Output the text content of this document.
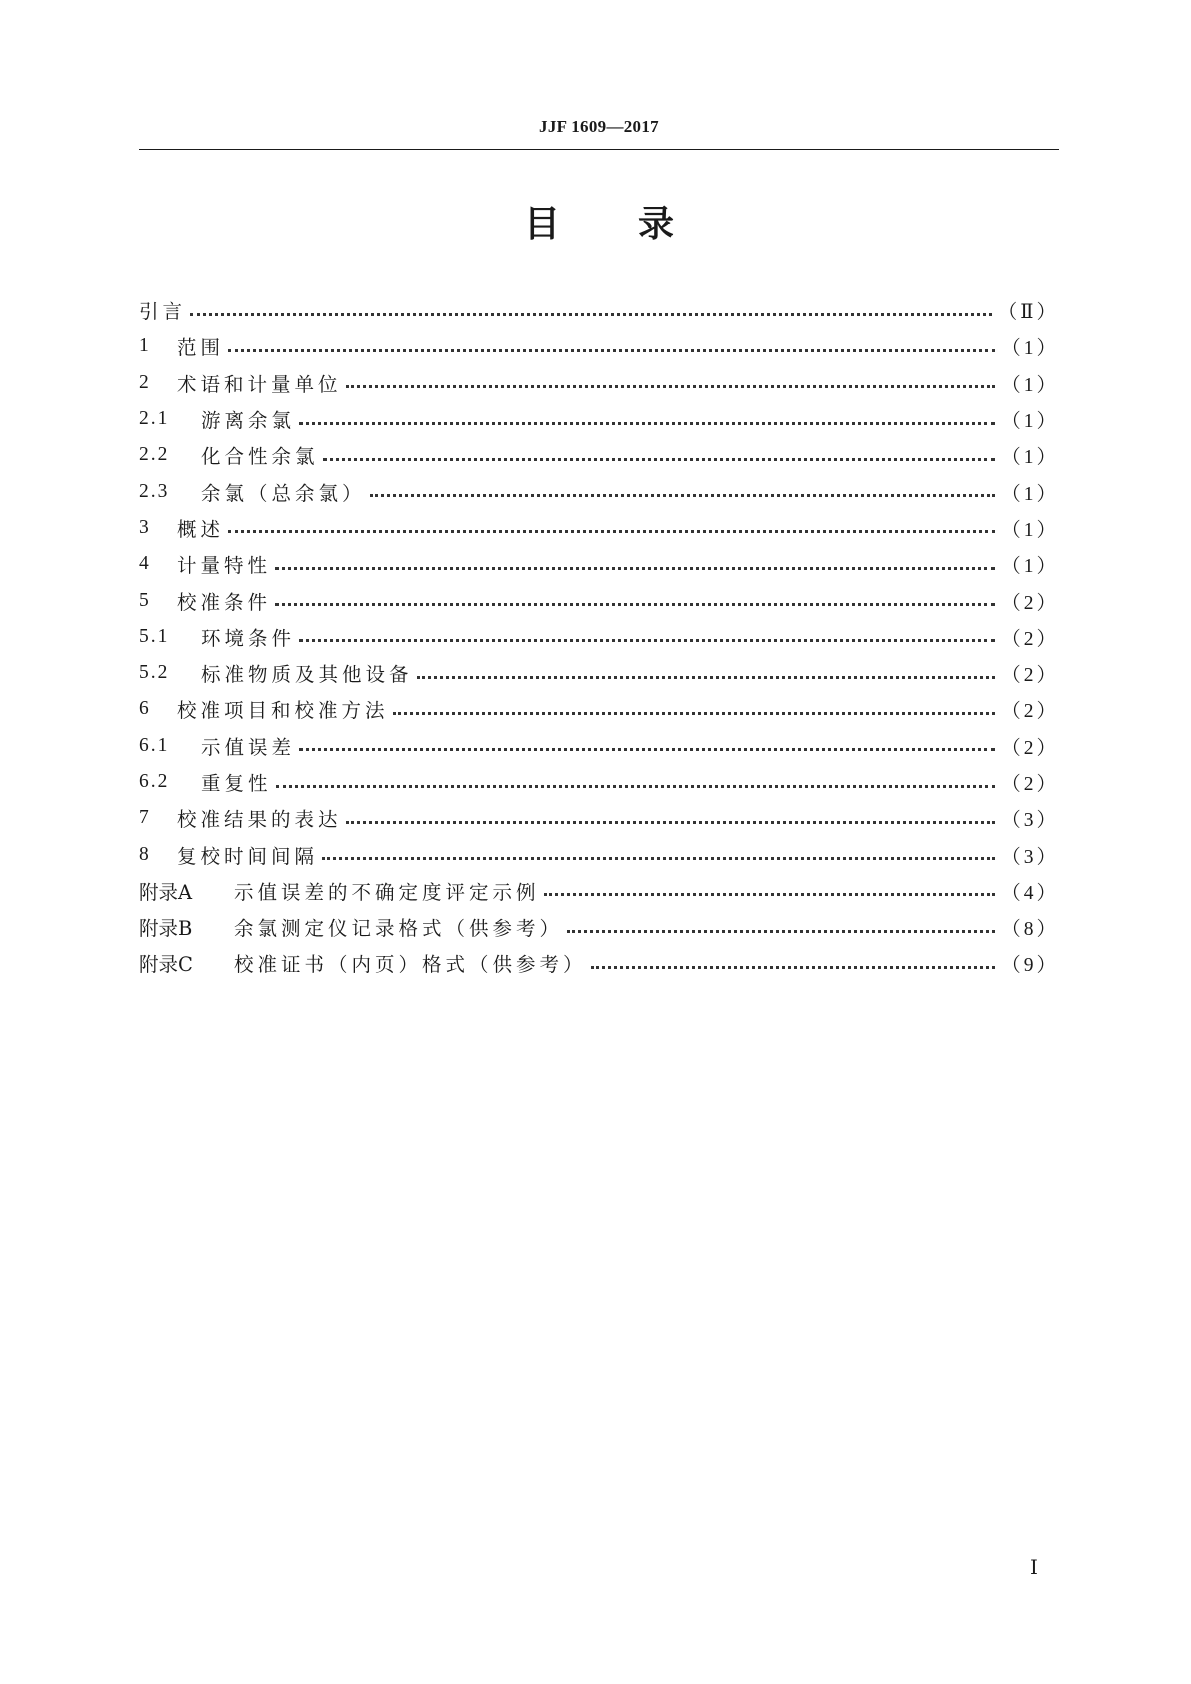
JJF 1609—2017
目 录
引言	（Ⅱ）
1	范围	（1）
2	术语和计量单位	（1）
2.1	游离余氯	（1）
2.2	化合性余氯	（1）
2.3	余氯（总余氯）	（1）
3	概述	（1）
4	计量特性	（1）
5	校准条件	（2）
5.1	环境条件	（2）
5.2	标准物质及其他设备	（2）
6	校准项目和校准方法	（2）
6.1	示值误差	（2）
6.2	重复性	（2）
7	校准结果的表达	（3）
8	复校时间间隔	（3）
附录A	示值误差的不确定度评定示例	（4）
附录B	余氯测定仪记录格式（供参考）	（8）
附录C	校准证书（内页）格式（供参考）	（9）
Ⅰ
